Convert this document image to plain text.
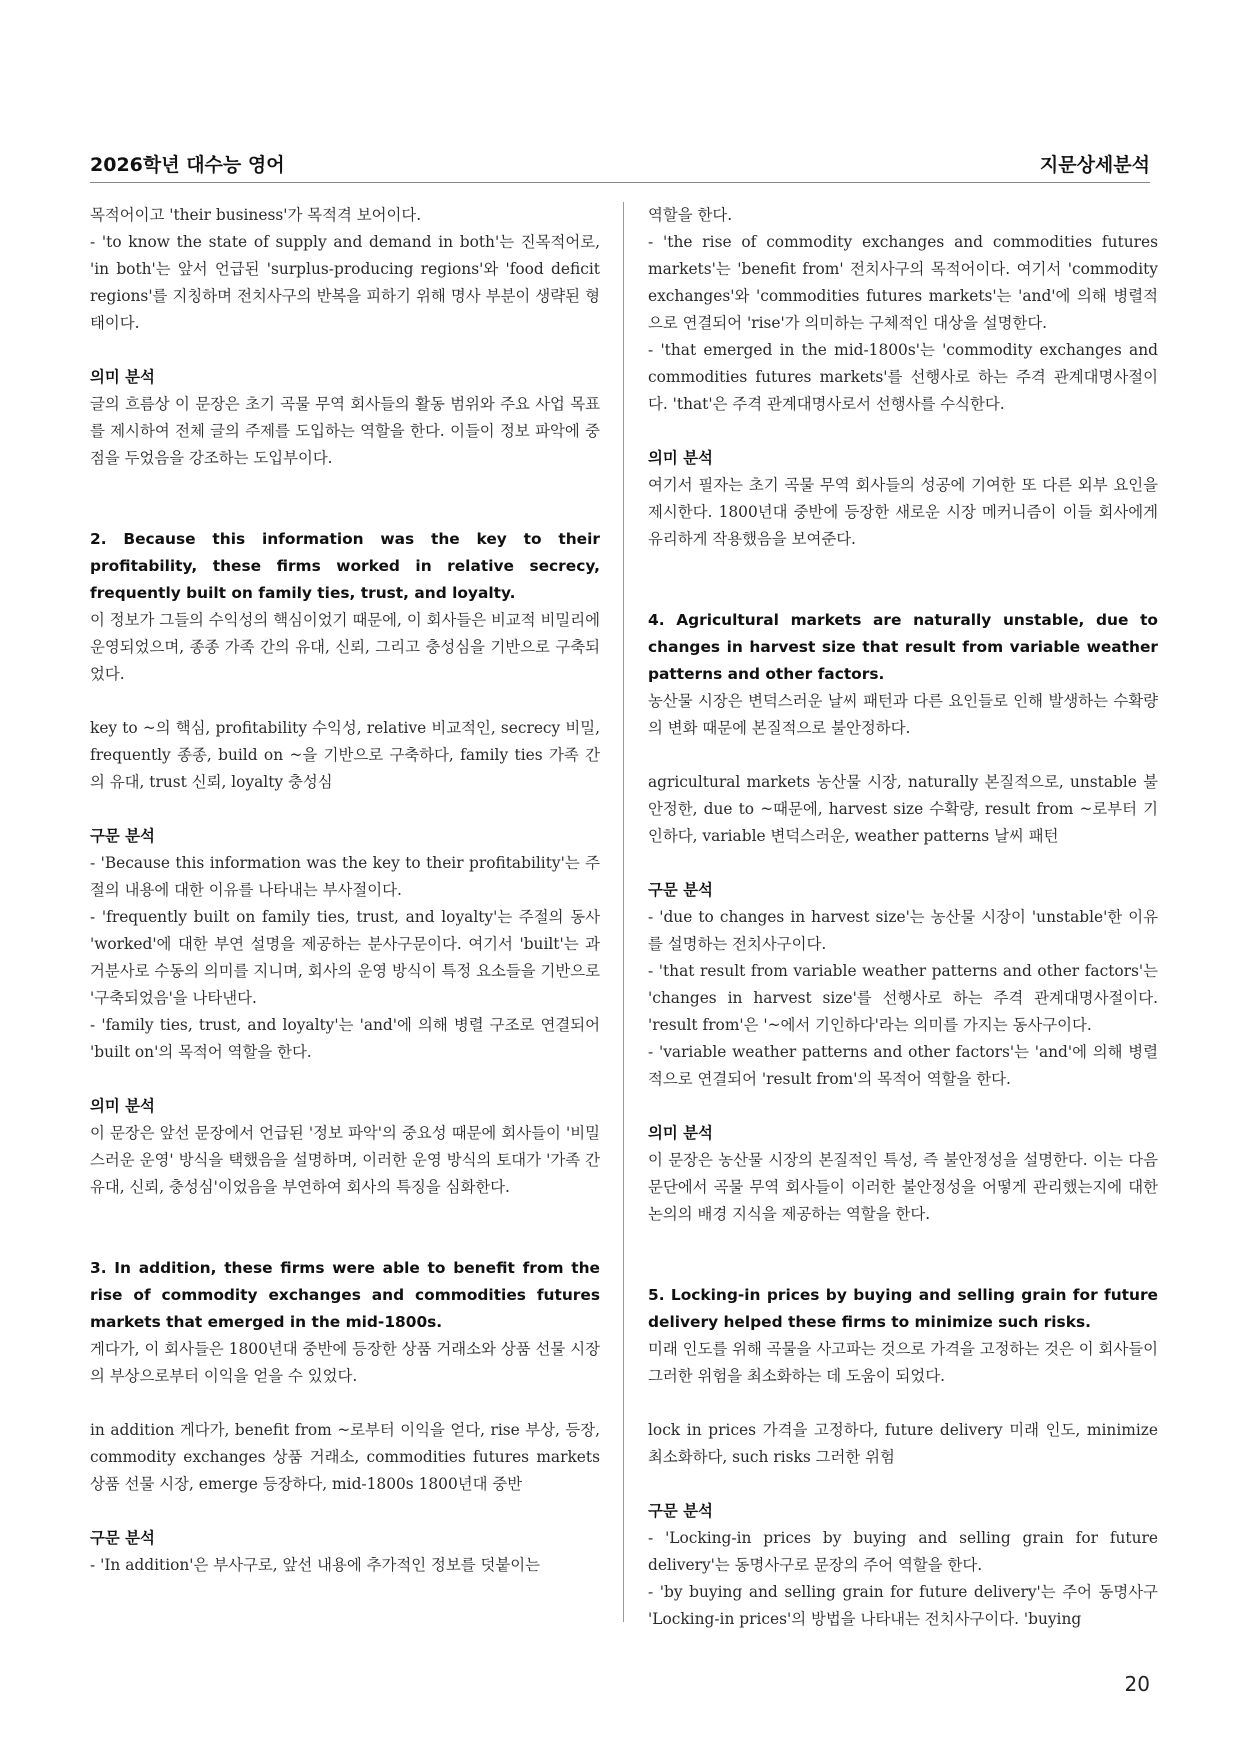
2026학년 대수능 영어	지문상세분석

목적어이고 'their business'가 목적격 보어이다.

- 'to know the state of supply and demand in both'는 진목적어로, 'in both'는 앞서 언급된 'surplus-producing regions'와 'food deficit regions'를 지칭하며 전치사구의 반복을 피하기 위해 명사 부분이 생략된 형태이다.

의미 분석

글의 흐름상 이 문장은 초기 곡물 무역 회사들의 활동 범위와 주요 사업 목표를 제시하여 전체 글의 주제를 도입하는 역할을 한다. 이들이 정보 파악에 중점을 두었음을 강조하는 도입부이다.

2. Because this information was the key to their profitability, these firms worked in relative secrecy, frequently built on family ties, trust, and loyalty.

이 정보가 그들의 수익성의 핵심이었기 때문에, 이 회사들은 비교적 비밀리에 운영되었으며, 종종 가족 간의 유대, 신뢰, 그리고 충성심을 기반으로 구축되었다.

key to ~의 핵심, profitability 수익성, relative 비교적인, secrecy 비밀, frequently 종종, build on ~을 기반으로 구축하다, family ties 가족 간의 유대, trust 신뢰, loyalty 충성심

구문 분석

- 'Because this information was the key to their profitability'는 주절의 내용에 대한 이유를 나타내는 부사절이다.

- 'frequently built on family ties, trust, and loyalty'는 주절의 동사 'worked'에 대한 부연 설명을 제공하는 분사구문이다. 여기서 'built'는 과거분사로 수동의 의미를 지니며, 회사의 운영 방식이 특정 요소들을 기반으로 '구축되었음'을 나타낸다.

- 'family ties, trust, and loyalty'는 'and'에 의해 병렬 구조로 연결되어 'built on'의 목적어 역할을 한다.

의미 분석

이 문장은 앞선 문장에서 언급된 '정보 파악'의 중요성 때문에 회사들이 '비밀스러운 운영' 방식을 택했음을 설명하며, 이러한 운영 방식의 토대가 '가족 간 유대, 신뢰, 충성심'이었음을 부연하여 회사의 특징을 심화한다.

3. In addition, these firms were able to benefit from the rise of commodity exchanges and commodities futures markets that emerged in the mid-1800s.

게다가, 이 회사들은 1800년대 중반에 등장한 상품 거래소와 상품 선물 시장의 부상으로부터 이익을 얻을 수 있었다.

in addition 게다가, benefit from ~로부터 이익을 얻다, rise 부상, 등장, commodity exchanges 상품 거래소, commodities futures markets 상품 선물 시장, emerge 등장하다, mid-1800s 1800년대 중반

구문 분석

- 'In addition'은 부사구로, 앞선 내용에 추가적인 정보를 덧붙이는

역할을 한다.

- 'the rise of commodity exchanges and commodities futures markets'는 'benefit from' 전치사구의 목적어이다. 여기서 'commodity exchanges'와 'commodities futures markets'는 'and'에 의해 병렬적으로 연결되어 'rise'가 의미하는 구체적인 대상을 설명한다.

- 'that emerged in the mid-1800s'는 'commodity exchanges and commodities futures markets'를 선행사로 하는 주격 관계대명사절이다. 'that'은 주격 관계대명사로서 선행사를 수식한다.

의미 분석

여기서 필자는 초기 곡물 무역 회사들의 성공에 기여한 또 다른 외부 요인을 제시한다. 1800년대 중반에 등장한 새로운 시장 메커니즘이 이들 회사에게 유리하게 작용했음을 보여준다.

4. Agricultural markets are naturally unstable, due to changes in harvest size that result from variable weather patterns and other factors.

농산물 시장은 변덕스러운 날씨 패턴과 다른 요인들로 인해 발생하는 수확량의 변화 때문에 본질적으로 불안정하다.

agricultural markets 농산물 시장, naturally 본질적으로, unstable 불안정한, due to ~때문에, harvest size 수확량, result from ~로부터 기인하다, variable 변덕스러운, weather patterns 날씨 패턴

구문 분석

- 'due to changes in harvest size'는 농산물 시장이 'unstable'한 이유를 설명하는 전치사구이다.

- 'that result from variable weather patterns and other factors'는 'changes in harvest size'를 선행사로 하는 주격 관계대명사절이다. 'result from'은 '~에서 기인하다'라는 의미를 가지는 동사구이다.

- 'variable weather patterns and other factors'는 'and'에 의해 병렬적으로 연결되어 'result from'의 목적어 역할을 한다.

의미 분석

이 문장은 농산물 시장의 본질적인 특성, 즉 불안정성을 설명한다. 이는 다음 문단에서 곡물 무역 회사들이 이러한 불안정성을 어떻게 관리했는지에 대한 논의의 배경 지식을 제공하는 역할을 한다.

5. Locking-in prices by buying and selling grain for future delivery helped these firms to minimize such risks.

미래 인도를 위해 곡물을 사고파는 것으로 가격을 고정하는 것은 이 회사들이 그러한 위험을 최소화하는 데 도움이 되었다.

lock in prices 가격을 고정하다, future delivery 미래 인도, minimize 최소화하다, such risks 그러한 위험

구문 분석

- 'Locking-in prices by buying and selling grain for future delivery'는 동명사구로 문장의 주어 역할을 한다.

- 'by buying and selling grain for future delivery'는 주어 동명사구 'Locking-in prices'의 방법을 나타내는 전치사구이다. 'buying

20
